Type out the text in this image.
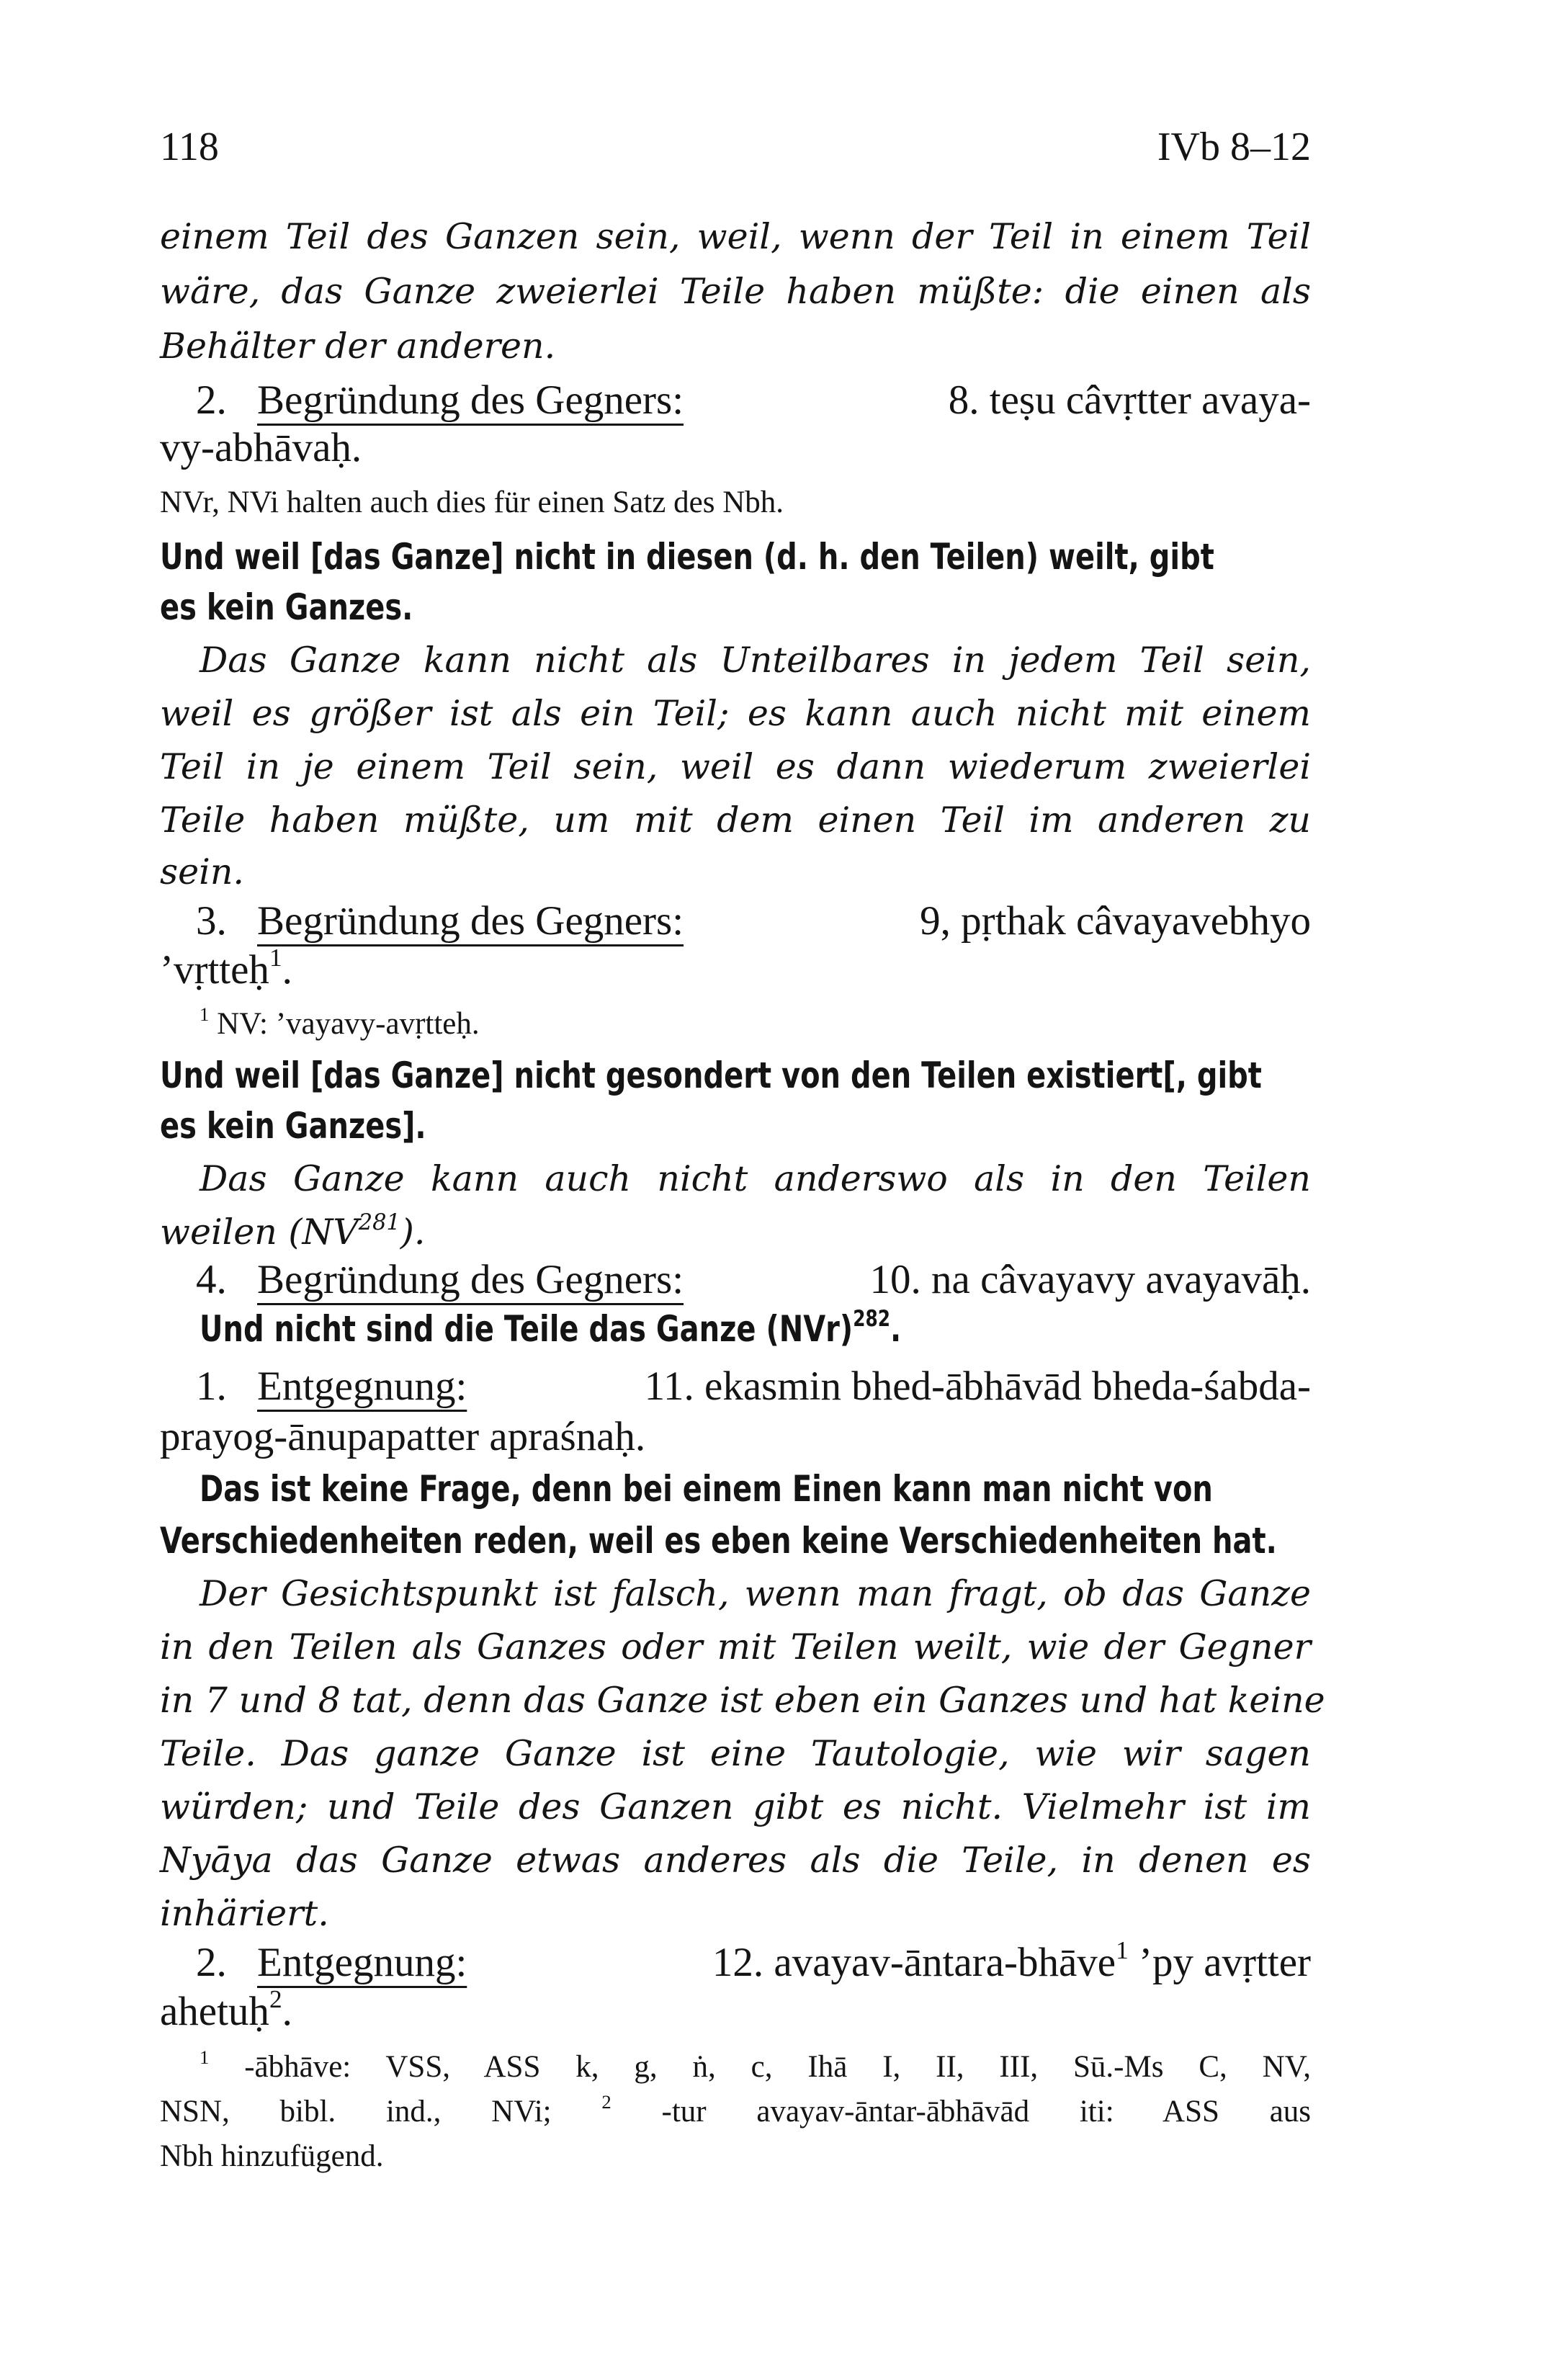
118	IVb 8–12
einem Teil des Ganzen sein, weil, wenn der Teil in einem Teil
wäre, das Ganze zweierlei Teile haben müßte: die einen als
Behälter der anderen.
2. Begründung des Gegners:	8. teṣu câvṛtter avaya-
vy-abhāvaḥ.
NVr, NVi halten auch dies für einen Satz des Nbh.
Und weil [das Ganze] nicht in diesen (d. h. den Teilen) weilt, gibt
es kein Ganzes.
Das Ganze kann nicht als Unteilbares in jedem Teil sein,
weil es größer ist als ein Teil; es kann auch nicht mit einem
Teil in je einem Teil sein, weil es dann wiederum zweierlei
Teile haben müßte, um mit dem einen Teil im anderen zu
sein.
3. Begründung des Gegners:	9, pṛthak câvayavebhyo
’vṛtteḥ$^1$.
$^1$ NV: ’vayavy-avṛtteḥ.
Und weil [das Ganze] nicht gesondert von den Teilen existiert[, gibt
es kein Ganzes].
Das Ganze kann auch nicht anderswo als in den Teilen
weilen (NV$^{281}$).
4. Begründung des Gegners:	10. na câvayavy avayavāḥ.
Und nicht sind die Teile das Ganze (NVr)$^{282}$.
1. Entgegnung:	11. ekasmin bhed-ābhāvād bheda-śabda-
prayog-ānupapatter apraśnaḥ.
Das ist keine Frage, denn bei einem Einen kann man nicht von
Verschiedenheiten reden, weil es eben keine Verschiedenheiten hat.
Der Gesichtspunkt ist falsch, wenn man fragt, ob das Ganze
in den Teilen als Ganzes oder mit Teilen weilt, wie der Gegner
in 7 und 8 tat, denn das Ganze ist eben ein Ganzes und hat keine
Teile. Das ganze Ganze ist eine Tautologie, wie wir sagen
würden; und Teile des Ganzen gibt es nicht. Vielmehr ist im
Nyāya das Ganze etwas anderes als die Teile, in denen es
inhäriert.
2. Entgegnung:	12. avayav-āntara-bhāve$^1$ ’py avṛtter
ahetuḥ$^2$.
$^1$ -ābhāve: VSS, ASS k, g, ṅ, c, Ihā I, II, III, Sū.-Ms C, NV,
NSN, bibl. ind., NVi;	$^2$ -tur avayav-āntar-ābhāvād iti: ASS aus
Nbh hinzufügend.
